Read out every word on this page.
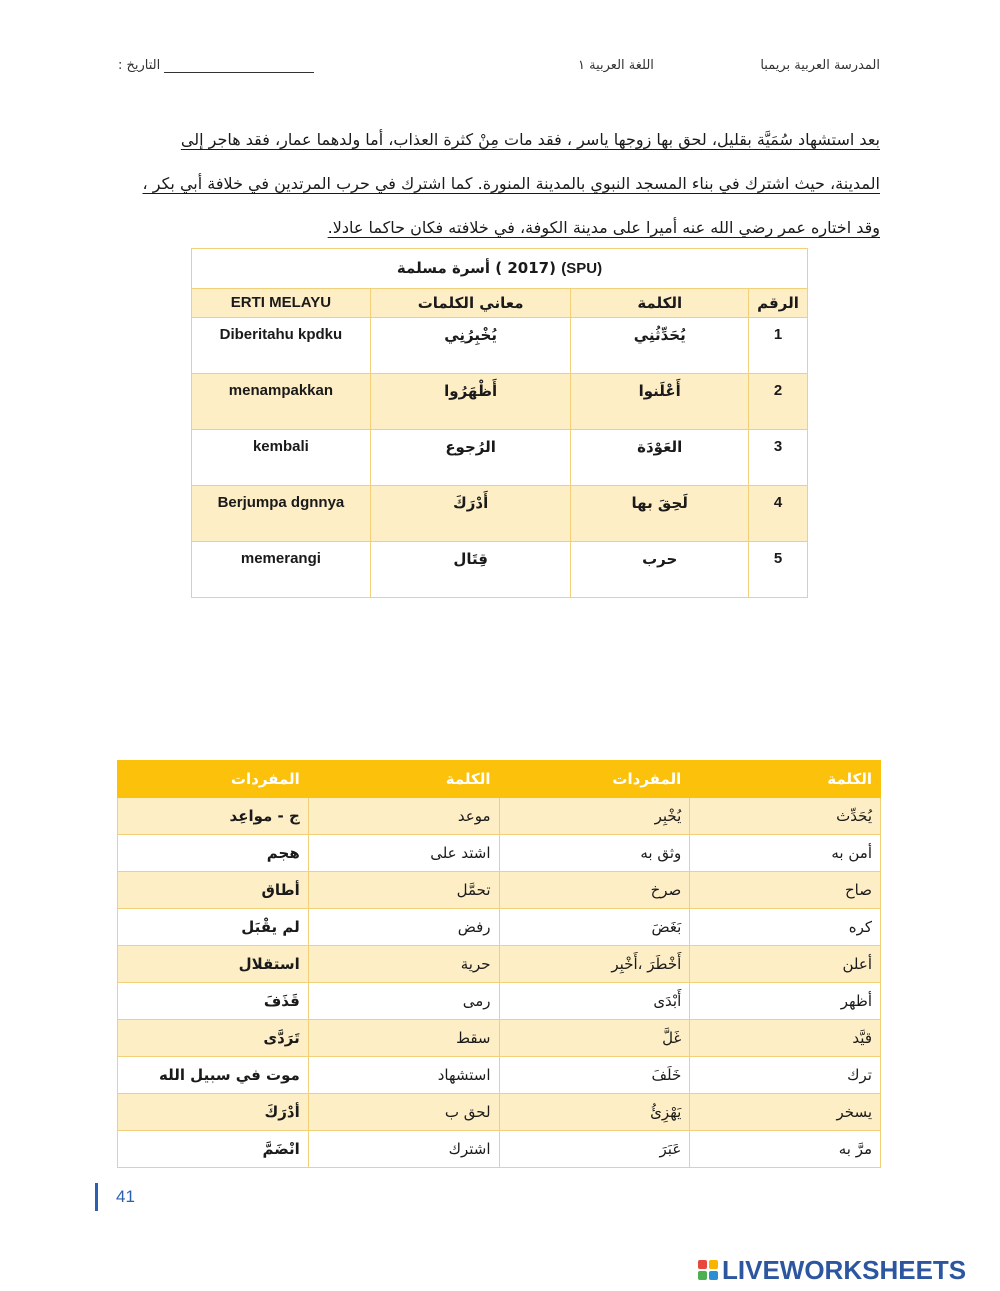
المدرسة العربية بريمبا
اللغة العربية ١
التاريخ :

بعد استشهاد سُمَيَّة بقليل، لحق بها زوجها ياسر ، فقد مات مِنْ كثرة العذاب، أما ولدهما عمار، فقد هاجر إلى

المدينة، حيث اشترك في بناء المسجد النبوي بالمدينة المنورة. كما اشترك في حرب المرتدين في خلافة أبي بكر ،

وقد اختاره عمر رضي الله عنه أميرا على مدينة الكوفة، في خلافته فكان حاكما عادلا.

(SPU) (2017 ) أسرة مسلمة			
الرقم	الكلمة	معاني الكلمات	ERTI MELAYU
1	يُحَدِّثُنِي	يُخْبِرُنِي	Diberitahu kpdku
2	أَعْلَنوا	أَظْهَرُوا	menampakkan
3	العَوْدَة	الرُجوع	kembali
4	لَحِقَ بها	أَدْرَكَ	Berjumpa dgnnya
5	حرب	قِتَال	memerangi
الكلمة	المفردات	الكلمة	المفردات
يُحَدِّث	يُخْبِر	موعد	ج - مواعِد
أمن به	وثق به	اشتد على	هجم
صاح	صرخ	تحمَّل	أطاق
كره	بَغَضَ	رفض	لم يقْبَل
أعلن	أَخْطَرَ ،أَخْبِر	حرية	استقلال
أظهر	أَبْدَى	رمى	قَذَفَ
قيَّد	غَلَّ	سقط	تَرَدَّى
ترك	خَلَفَ	استشهاد	موت في سبيل الله
يسخر	يَهْزِئُ	لحق ب	أدْرَكَ
مرَّ به	عَبَرَ	اشترك	انْضَمَّ
41
LIVEWORKSHEETS
